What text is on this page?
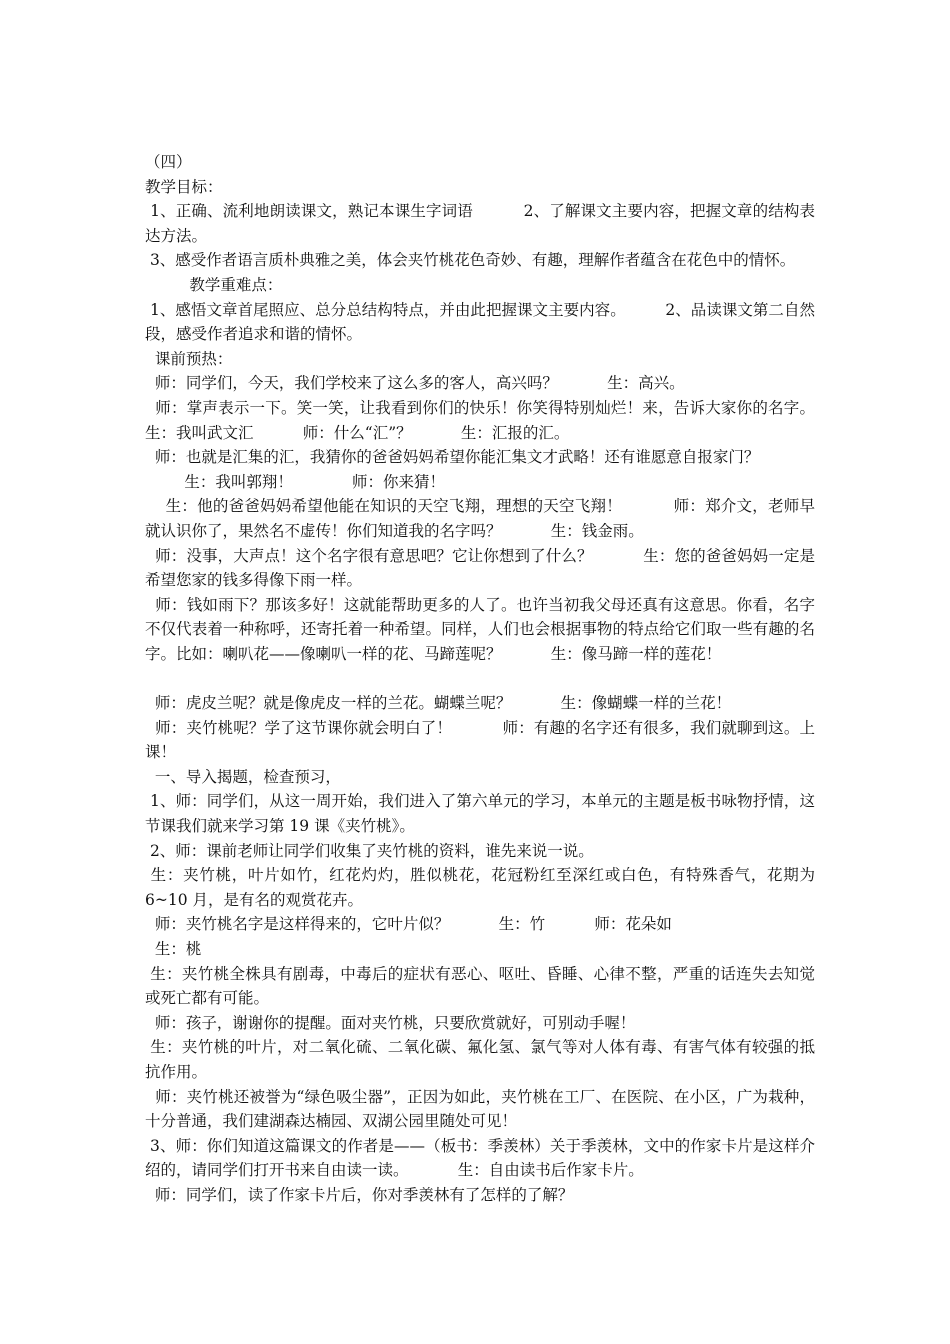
（四）

教学目标：

1、正确、流利地朗读课文，熟记本课生字词语          2、了解课文主要内容，把握文章的结构表达方法。

3、感受作者语言质朴典雅之美，体会夹竹桃花色奇妙、有趣，理解作者蕴含在花色中的情怀。

教学重难点：

1、感悟文章首尾照应、总分总结构特点，并由此把握课文主要内容。        2、品读课文第二自然段，感受作者追求和谐的情怀。

课前预热：

师：同学们，今天，我们学校来了这么多的客人，高兴吗？          生：高兴。

师：掌声表示一下。笑一笑，让我看到你们的快乐！你笑得特别灿烂！来，告诉大家你的名字。          生：我叫武文汇          师：什么“汇”？          生：汇报的汇。

师：也就是汇集的汇，我猜你的爸爸妈妈希望你能汇集文才武略！还有谁愿意自报家门？

生：我叫郭翔！            师：你来猜！

生：他的爸爸妈妈希望他能在知识的天空飞翔，理想的天空飞翔！          师：郑介文，老师早就认识你了，果然名不虚传！你们知道我的名字吗？          生：钱金雨。

师：没事，大声点！这个名字很有意思吧？它让你想到了什么？          生：您的爸爸妈妈一定是希望您家的钱多得像下雨一样。

师：钱如雨下？那该多好！这就能帮助更多的人了。也许当初我父母还真有这意思。你看，名字不仅代表着一种称呼，还寄托着一种希望。同样，人们也会根据事物的特点给它们取一些有趣的名字。比如：喇叭花——像喇叭一样的花、马蹄莲呢？          生：像马蹄一样的莲花！

师：虎皮兰呢？就是像虎皮一样的兰花。蝴蝶兰呢？          生：像蝴蝶一样的兰花！

师：夹竹桃呢？学了这节课你就会明白了！          师：有趣的名字还有很多，我们就聊到这。上课！

一、导入揭题，检查预习，

1、师：同学们，从这一周开始，我们进入了第六单元的学习，本单元的主题是板书咏物抒情，这节课我们就来学习第 19 课《夹竹桃》。

2、师：课前老师让同学们收集了夹竹桃的资料，谁先来说一说。

生：夹竹桃，叶片如竹，红花灼灼，胜似桃花，花冠粉红至深红或白色，有特殊香气，花期为 6~10 月，是有名的观赏花卉。

师：夹竹桃名字是这样得来的，它叶片似？          生：竹          师：花朵如

生：桃

生：夹竹桃全株具有剧毒，中毒后的症状有恶心、呕吐、昏睡、心律不整，严重的话连失去知觉或死亡都有可能。

师：孩子，谢谢你的提醒。面对夹竹桃，只要欣赏就好，可别动手喔！

生：夹竹桃的叶片，对二氧化硫、二氧化碳、氟化氢、氯气等对人体有毒、有害气体有较强的抵抗作用。

师：夹竹桃还被誉为“绿色吸尘器”，正因为如此，夹竹桃在工厂、在医院、在小区，广为栽种，十分普通，我们建湖森达楠园、双湖公园里随处可见！

3、师：你们知道这篇课文的作者是——（板书：季羡林）关于季羡林，文中的作家卡片是这样介绍的，请同学们打开书来自由读一读。          生：自由读书后作家卡片。

师：同学们，读了作家卡片后，你对季羡林有了怎样的了解？
